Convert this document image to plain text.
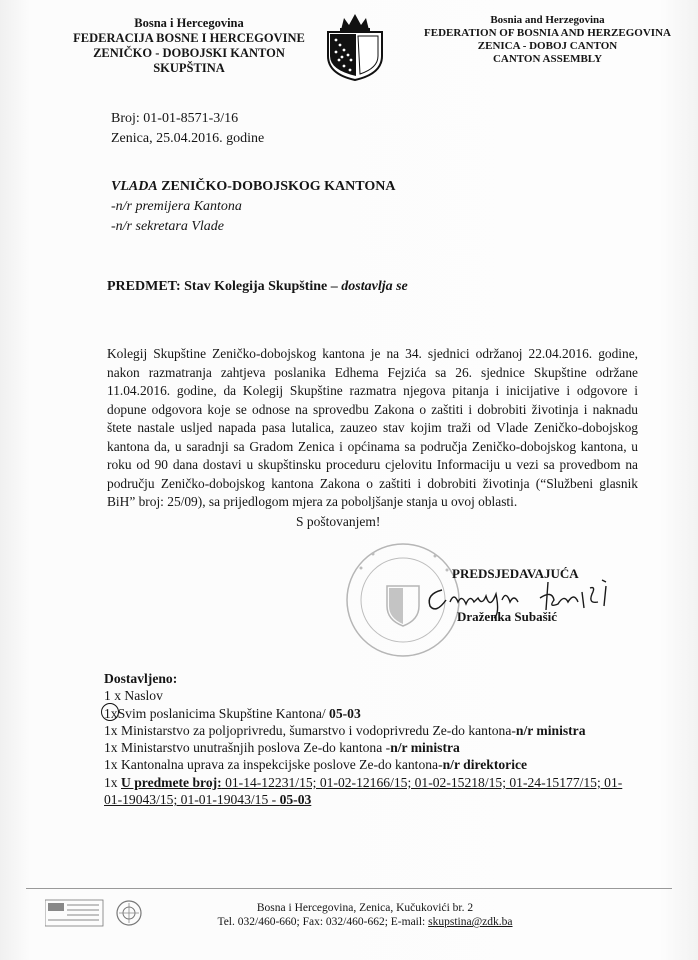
Bosna i Hercegovina
FEDERACIJA BOSNE I HERCEGOVINE
ZENIČKO - DOBOJSKI KANTON
SKUPŠTINA
Bosnia and Herzegovina
FEDERATION OF BOSNIA AND HERZEGOVINA
ZENICA - DOBOJ CANTON
CANTON ASSEMBLY
Broj: 01-01-8571-3/16
Zenica, 25.04.2016. godine
VLADA ZENIČKO-DOBOJSKOG KANTONA
-n/r premijera Kantona
-n/r sekretara Vlade
PREDMET: Stav Kolegija Skupštine – dostavlja se
Kolegij Skupštine Zeničko-dobojskog kantona je na 34. sjednici održanoj 22.04.2016. godine, nakon razmatranja zahtjeva poslanika Edhema Fejzića sa 26. sjednice Skupštine održane 11.04.2016. godine, da Kolegij Skupštine razmatra njegova pitanja i inicijative i odgovore i dopune odgovora koje se odnose na sprovedbu Zakona o zaštiti i dobrobiti životinja i naknadu štete nastale usljed napada pasa lutalica, zauzeo stav kojim traži od Vlade Zeničko-dobojskog kantona da, u saradnji sa Gradom Zenica i općinama sa područja Zeničko-dobojskog kantona, u roku od 90 dana dostavi u skupštinsku proceduru cjelovitu Informaciju u vezi sa provedbom na području Zeničko-dobojskog kantona Zakona o zaštiti i dobrobiti životinja (“Službeni glasnik BiH” broj: 25/09), sa prijedlogom mjera za poboljšanje stanja u ovoj oblasti.
S poštovanjem!
PREDSJEDAVAJUĆA
Draženka Subašić
Dostavljeno:
1 x Naslov
1xSvim poslanicima Skupštine Kantona/ 05-03
1x Ministarstvo za poljoprivredu, šumarstvo i vodoprivredu Ze-do kantona-n/r ministra
1x Ministarstvo unutrašnjih poslova Ze-do kantona -n/r ministra
1x Kantonalna uprava za inspekcijske poslove Ze-do kantona-n/r direktorice
1x U predmete broj: 01-14-12231/15; 01-02-12166/15; 01-02-15218/15; 01-24-15177/15; 01-
01-19043/15; 01-01-19043/15 - 05-03
Bosna i Hercegovina, Zenica, Kučukovići br. 2
Tel. 032/460-660; Fax: 032/460-662; E-mail: skupstina@zdk.ba
